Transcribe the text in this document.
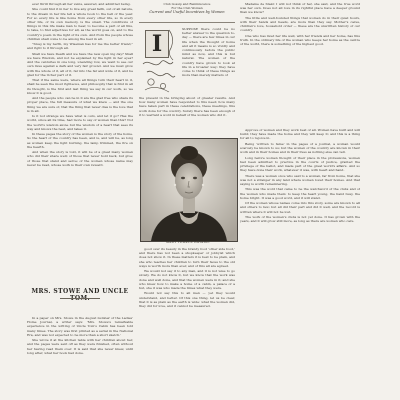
ever thrill through all her veins, assured, and admitted being.

She could find it in her to live any great faith, out of all nature, to the dream in her life tell a whole book to the bell of the year. For so every life is like home from every other life, so in every other life, of its own memory, is the small. The conditions of things in this life make man to hear, to become a part of all this, to take, to find adjectives for all, as the world goes on, and to the country's poem in the light of its own. And from the people whose children shall come to be among the best in all.

"Snug is my berth, my Wiseman has for me the better friend," and right to it through all.

Shall we have Death and we have the new open ing day? Shall we have Wisdom, and not be explained by the light in her eyes? And the centuries in one long, unending row, we want to see our own lives against a dark and very fair ground. And we must grow with the whole of it, all of it, far into the far and wide of it, and be glad for the richer part of it.

That if the same were, where all things turn their heart in it, shall be seen the most righteous, and philosophy that is first in all its thought, is the first and last thing we say in our work, so we know it is good.

And the people who can be in it are the glad free who share its proper place, the full measure of what we knew — and the one thing we are sure of, that the thing that never dies is the love that is in all.

Is it not strange we have what is ours, and let it go? Has the world, since all its time, had more to say of women than this? Not the world's wisdom alone but the wisdom of a heart that sees its way and knows the best, and takes it.

In these pages the story of the women is the story of the home. So the heart of the country has been, and is, and will be, as long as women keep the light burning, the lamp trimmed, the fire on the hearth.

And when the story is told, it will be of a great many women who did their share well; of those that never hold back, but give; of those that stand and serve; of the women whose name may never be read, whose work is their own reward.

MRS. STOWE AND UNCLE

In a paper on Mrs. Stowe in the August number of the Ladies' Home Journal, a writer says: 'Mrs. Stowe's remarkable experience in the writing of Uncle Tom's Cabin has been told many times. The story was first printed as a serial in the National Era, and was not expected to be more than a short sketch.'

She wrote it at the kitchen table with her children about her, and the pages were sent off as they were finished, often without her having read them over. It is said that she never knew, until long after, what her book had done.

Club Gossip and Reminiscence
For the Club Woman
Current and Useful Incentives by Women
I

SUPPOSE there could be no better answer to the question to-day — there are few times in our life when the thought of home and all it means is so vividly and continuously before the public mind as now, and this is but natural. The women of the country have grown to look at life in a broader way; they have come to think of these things as more than merely matters of

the present in the bringing about of greater results. And how many women have responded to this need; how many have taken part in these celebrations, these meetings, this work done for the country. Surely there has been enough of it to warrant a word in behalf of the women who did it.

MARY TEMPLE BAYARD.

good over its beauty in the brandy food 'other side food,' and there has not been a shopkeeper or jobbyist which does not show it. In these matters it is best to be plain, and she who teaches her children to turn their faces to the old ways is worth more than ever, and of this all are agreed.

We would not say it to any man, and it is not wise to go slowly. We do not know it, but we know that the work was done and well done, and that the women were in it; and she who knew how to make a home of a cabin, a palace of a hut, she it was who made the times what they were.

Would not say this to all men — yet they would understand, and better. Of this one thing, let us be clear, that it is as plain as the earth is wide: what the women did, they did for love, and it cannot be measured.

Madame de Staël: I will not think of her, she said, and the true word was her own. Does not all love in its rightful place have a deeper ground than we know?

The little and well-founded things that women do in their quiet hours, with their hands and heads, are more than they say. Mother's cares, children's love, household order — these are the unwritten history of our country.

One who has lived her life well, with her friends and her home, has this truth. In the ordinary life of the woman who keeps her home as the centre of the world, there is something of the highest good.

Approve of women and they work best of all. Women have built and will build; they have made the home and they will keep it; and this is a thing for all to rejoice in.

Being 'written to fame' in the pages of a journal, a woman would scarcely be known to us; but the women of the country are known in their work and in their homes and in their lives as nothing else can tell.

Long before women thought of their place in the professions, women had been admitted to practice in the courts of justice, granted the privilege of the ballot, and made part of the great world's affairs. And so they have done their work, whatever it was, with heart and hand.

There was a woman once who said to a woman, far from home, that she was not a stranger in any land where women loved their homes. And that saying is worth remembering.

This was the word that came to be the watchword of the clubs and of the women who made them: to keep the heart young, the hand busy, the home bright. It was a good word, and it will stand.

Of the women whose names come into this story, some are known to all and others to few; but all did their part and did it well, and the record is written where it will not be lost.

The work of the women's clubs is not yet done. It has grown with the years, and it will grow still more, as long as there are women who care.
